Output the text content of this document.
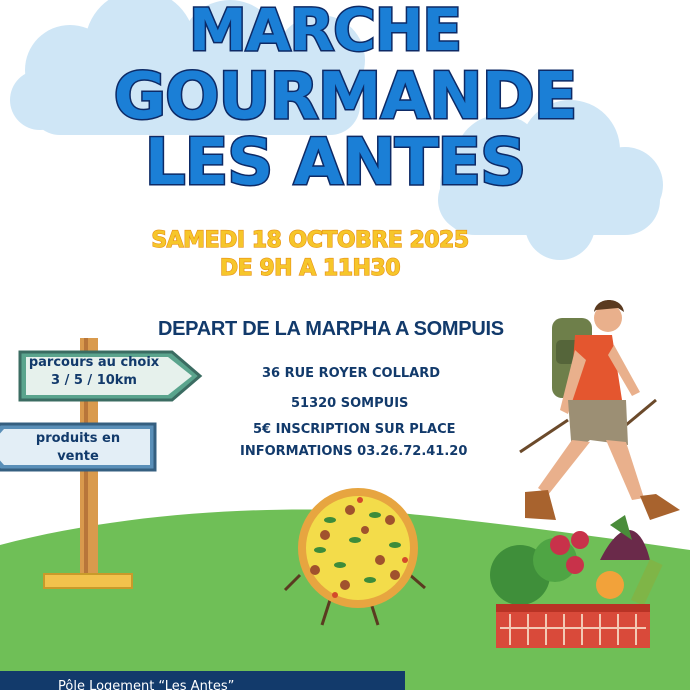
MARCHE
GOURMANDE
LES ANTES
SAMEDI 18 OCTOBRE 2025
DE 9H A 11H30
DEPART DE LA MARPHA A SOMPUIS
36 RUE ROYER COLLARD
51320 SOMPUIS
5€ INSCRIPTION SUR PLACE
INFORMATIONS 03.26.72.41.20
parcours au choix
3 / 5 / 10km
produits en
vente
Pôle Logement “Les Antes”
